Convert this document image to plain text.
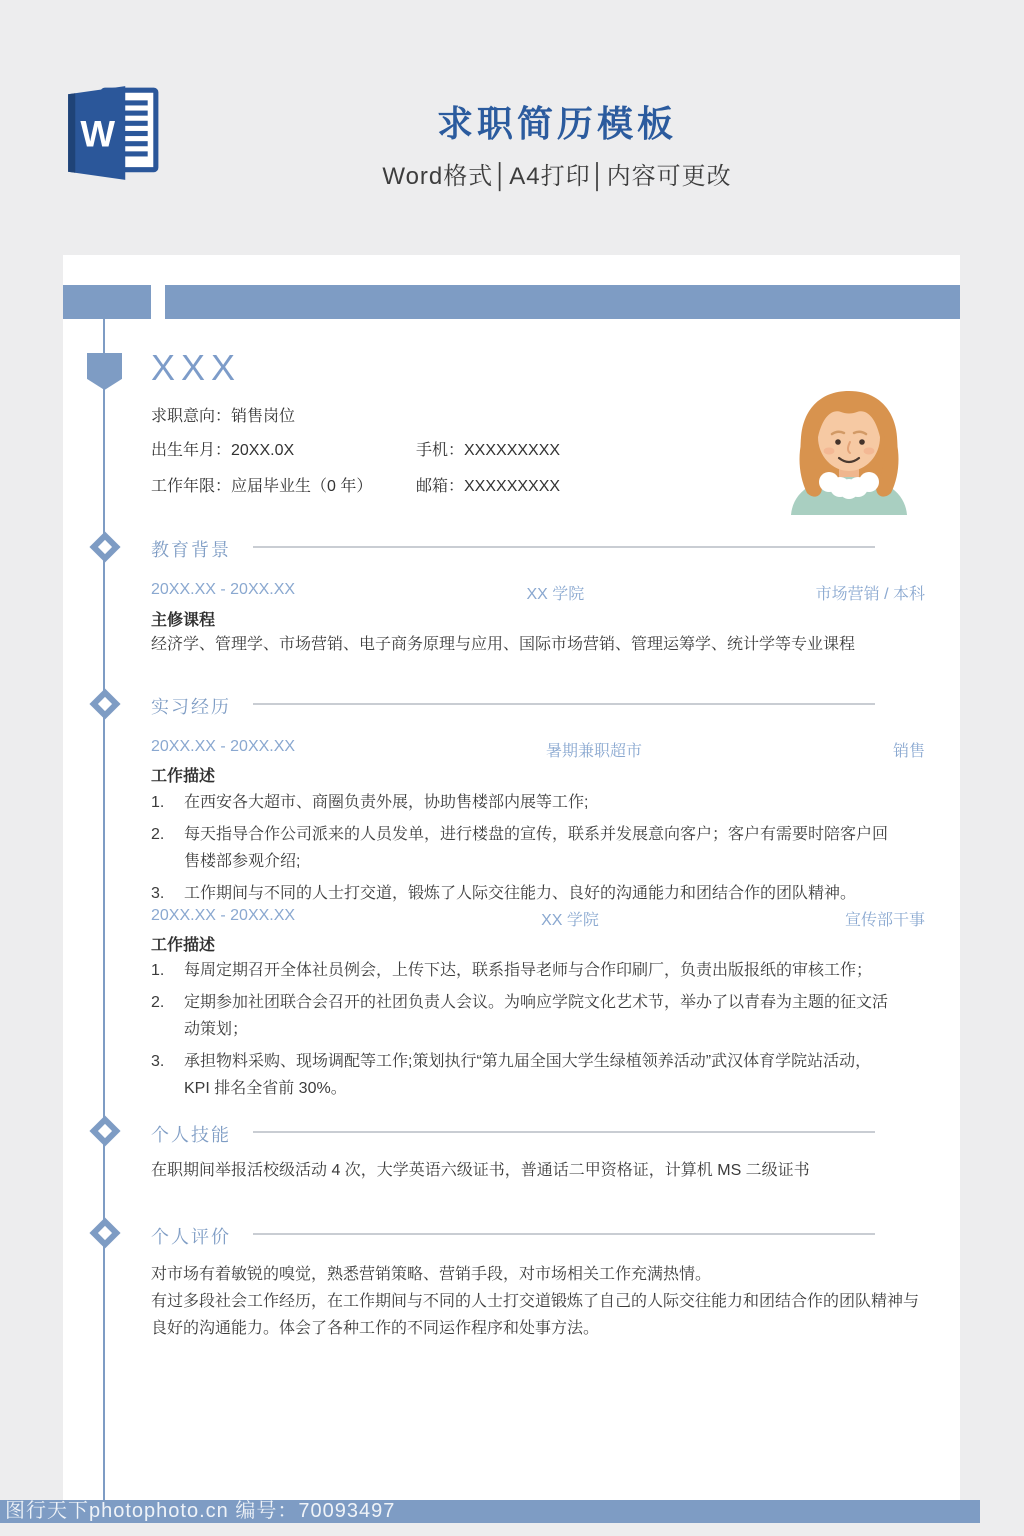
W	求职简历模板
Word格式│A4打印│内容可更改
XXX
求职意向：销售岗位
出生年月：20XX.0X	手机：XXXXXXXXX
工作年限：应届毕业生（0 年）	邮箱：XXXXXXXXX
教育背景
20XX.XX - 20XX.XX	XX 学院	市场营销 / 本科
主修课程
经济学、管理学、市场营销、电子商务原理与应用、国际市场营销、管理运筹学、统计学等专业课程
实习经历
20XX.XX - 20XX.XX	暑期兼职超市	销售
工作描述
1.	在西安各大超市、商圈负责外展，协助售楼部内展等工作;
2.	每天指导合作公司派来的人员发单，进行楼盘的宣传，联系并发展意向客户；客户有需要时陪客户回售楼部参观介绍;
3.	工作期间与不同的人士打交道，锻炼了人际交往能力、良好的沟通能力和团结合作的团队精神。
20XX.XX - 20XX.XX	XX 学院	宣传部干事
工作描述
1.	每周定期召开全体社员例会，上传下达，联系指导老师与合作印刷厂，负责出版报纸的审核工作；
2.	定期参加社团联合会召开的社团负责人会议。为响应学院文化艺术节，举办了以青春为主题的征文活动策划；
3.	承担物料采购、现场调配等工作;策划执行“第九届全国大学生绿植领养活动”武汉体育学院站活动，KPI 排名全省前 30%。
个人技能
在职期间举报活校级活动 4 次，大学英语六级证书，普通话二甲资格证，计算机 MS 二级证书
个人评价

对市场有着敏锐的嗅觉，熟悉营销策略、营销手段，对市场相关工作充满热情。

有过多段社会工作经历，在工作期间与不同的人士打交道锻炼了自己的人际交往能力和团结合作的团队精神与良好的沟通能力。体会了各种工作的不同运作程序和处事方法。

图行天下photophoto.cn 编号：70093497
